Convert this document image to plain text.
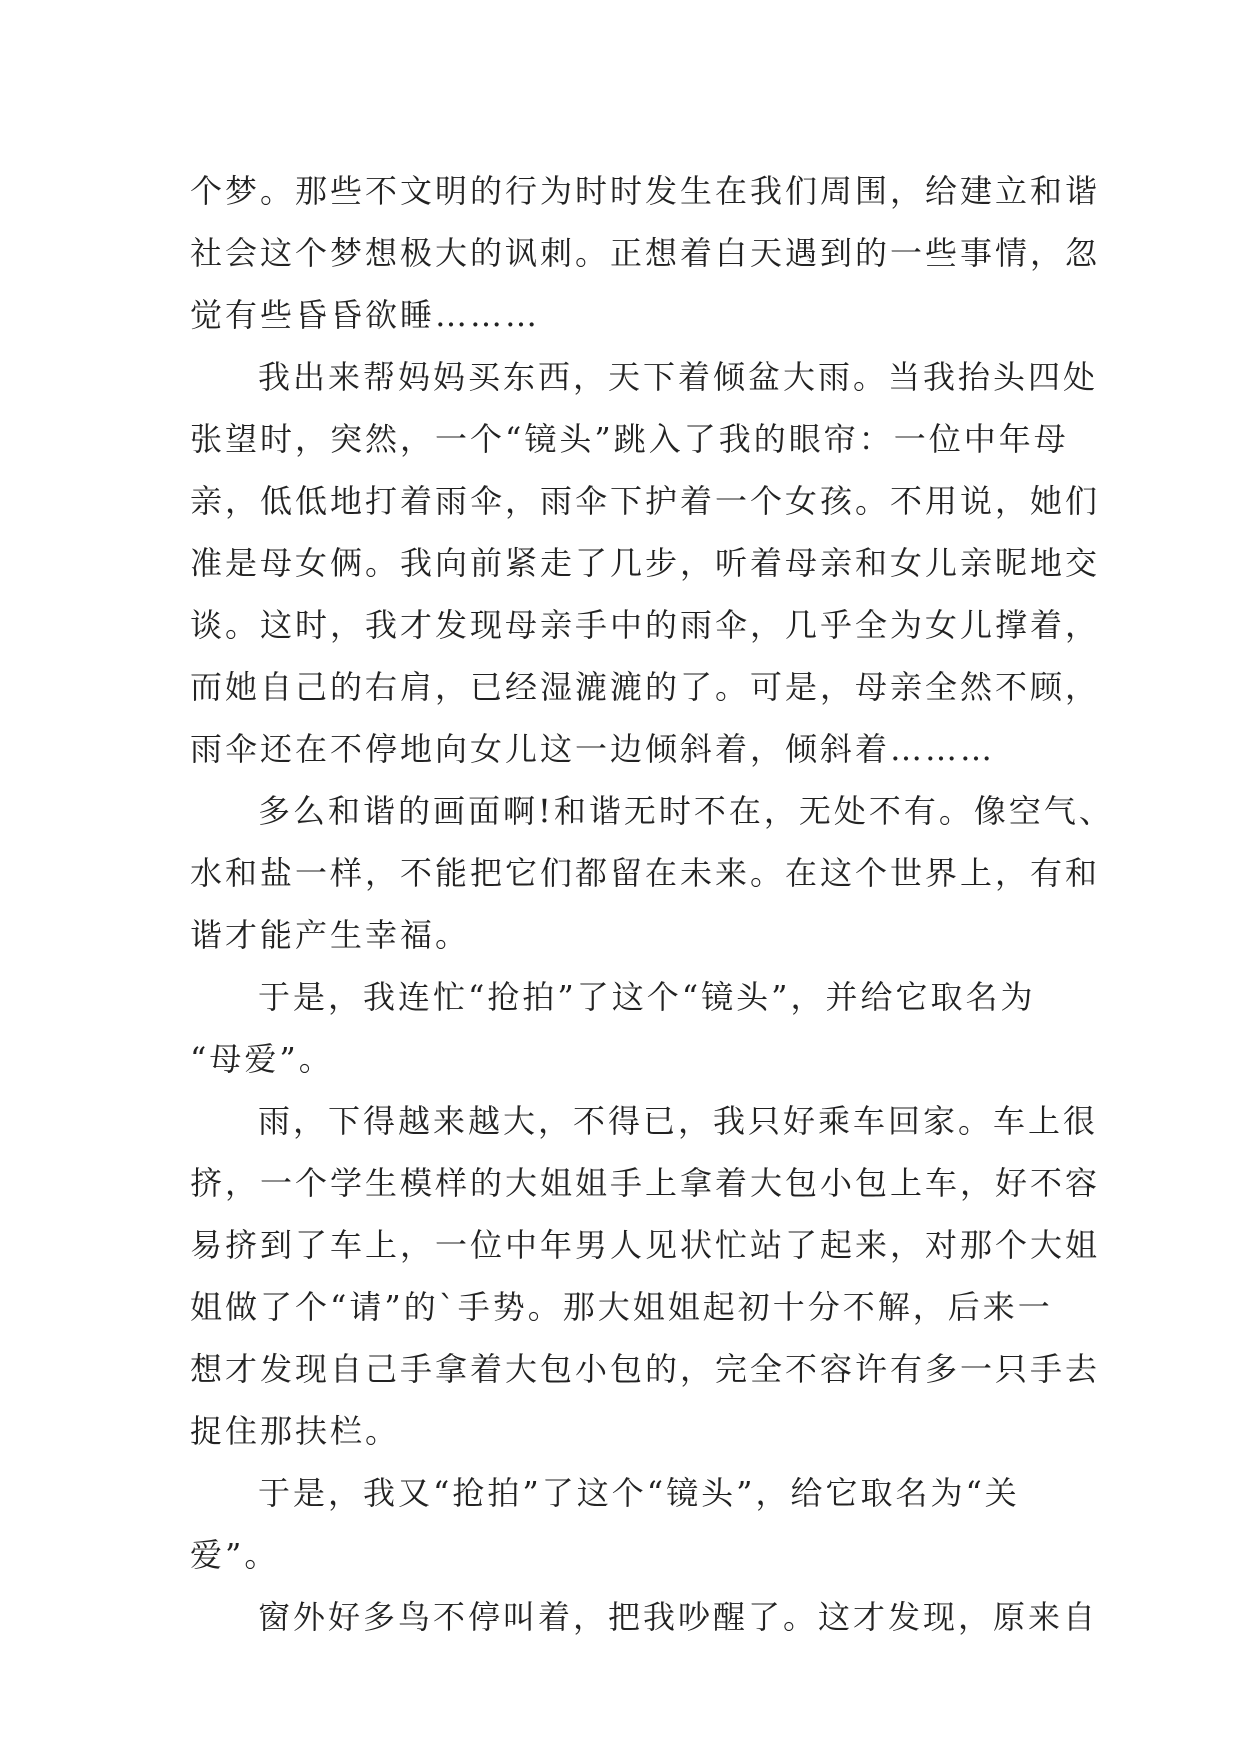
个梦。那些不文明的行为时时发生在我们周围，给建立和谐
社会这个梦想极大的讽刺。正想着白天遇到的一些事情，忽
觉有些昏昏欲睡………
我出来帮妈妈买东西，天下着倾盆大雨。当我抬头四处
张望时，突然，一个“镜头”跳入了我的眼帘：一位中年母
亲，低低地打着雨伞，雨伞下护着一个女孩。不用说，她们
准是母女俩。我向前紧走了几步，听着母亲和女儿亲昵地交
谈。这时，我才发现母亲手中的雨伞，几乎全为女儿撑着，
而她自己的右肩，已经湿漉漉的了。可是，母亲全然不顾，
雨伞还在不停地向女儿这一边倾斜着，倾斜着………
多么和谐的画面啊!和谐无时不在，无处不有。像空气、
水和盐一样，不能把它们都留在未来。在这个世界上，有和
谐才能产生幸福。
于是，我连忙“抢拍”了这个“镜头”，并给它取名为
“母爱”。
雨，下得越来越大，不得已，我只好乘车回家。车上很
挤，一个学生模样的大姐姐手上拿着大包小包上车，好不容
易挤到了车上，一位中年男人见状忙站了起来，对那个大姐
姐做了个“请”的`手势。那大姐姐起初十分不解，后来一
想才发现自己手拿着大包小包的，完全不容许有多一只手去
捉住那扶栏。
于是，我又“抢拍”了这个“镜头”，给它取名为“关
爱”。
窗外好多鸟不停叫着，把我吵醒了。这才发现，原来自
